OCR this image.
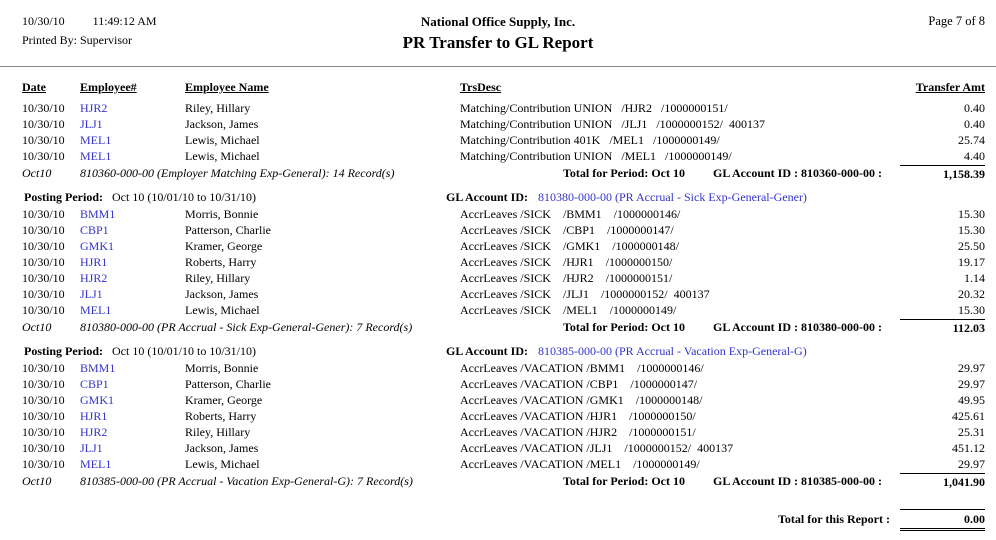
10/30/10 11:49:12 AM
Printed By: Supervisor
National Office Supply, Inc.
PR Transfer to GL Report
Page 7 of 8
Date	Employee#	Employee Name	TrsDesc	Transfer Amt
10/30/10	HJR2	Riley, Hillary	Matching/Contribution UNION   /HJR2   /1000000151/	0.40
10/30/10	JLJ1	Jackson, James	Matching/Contribution UNION   /JLJ1   /1000000152/  400137	0.40
10/30/10	MEL1	Lewis, Michael	Matching/Contribution 401K   /MEL1   /1000000149/	25.74
10/30/10	MEL1	Lewis, Michael	Matching/Contribution UNION   /MEL1   /1000000149/	4.40
Oct10	810360-000-00 (Employer Matching Exp-General): 14 Record(s)	Total for Period: Oct 10 GL Account ID : 810360-000-00 :	1,158.39
Posting Period: Oct 10 (10/01/10 to 10/31/10)	GL Account ID: 810380-000-00 (PR Accrual - Sick Exp-General-Gener)
10/30/10	BMM1	Morris, Bonnie	AccrLeaves /SICK    /BMM1    /1000000146/	15.30
10/30/10	CBP1	Patterson, Charlie	AccrLeaves /SICK    /CBP1    /1000000147/	15.30
10/30/10	GMK1	Kramer, George	AccrLeaves /SICK    /GMK1    /1000000148/	25.50
10/30/10	HJR1	Roberts, Harry	AccrLeaves /SICK    /HJR1    /1000000150/	19.17
10/30/10	HJR2	Riley, Hillary	AccrLeaves /SICK    /HJR2    /1000000151/	1.14
10/30/10	JLJ1	Jackson, James	AccrLeaves /SICK    /JLJ1    /1000000152/  400137	20.32
10/30/10	MEL1	Lewis, Michael	AccrLeaves /SICK    /MEL1    /1000000149/	15.30
Oct10	810380-000-00 (PR Accrual - Sick Exp-General-Gener): 7 Record(s)	Total for Period: Oct 10 GL Account ID : 810380-000-00 :	112.03
Posting Period: Oct 10 (10/01/10 to 10/31/10)	GL Account ID: 810385-000-00 (PR Accrual - Vacation Exp-General-G)
10/30/10	BMM1	Morris, Bonnie	AccrLeaves /VACATION /BMM1    /1000000146/	29.97
10/30/10	CBP1	Patterson, Charlie	AccrLeaves /VACATION /CBP1    /1000000147/	29.97
10/30/10	GMK1	Kramer, George	AccrLeaves /VACATION /GMK1    /1000000148/	49.95
10/30/10	HJR1	Roberts, Harry	AccrLeaves /VACATION /HJR1    /1000000150/	425.61
10/30/10	HJR2	Riley, Hillary	AccrLeaves /VACATION /HJR2    /1000000151/	25.31
10/30/10	JLJ1	Jackson, James	AccrLeaves /VACATION /JLJ1    /1000000152/  400137	451.12
10/30/10	MEL1	Lewis, Michael	AccrLeaves /VACATION /MEL1    /1000000149/	29.97
Oct10	810385-000-00 (PR Accrual - Vacation Exp-General-G): 7 Record(s)	Total for Period: Oct 10 GL Account ID : 810385-000-00 :	1,041.90
Total for this Report :	0.00
